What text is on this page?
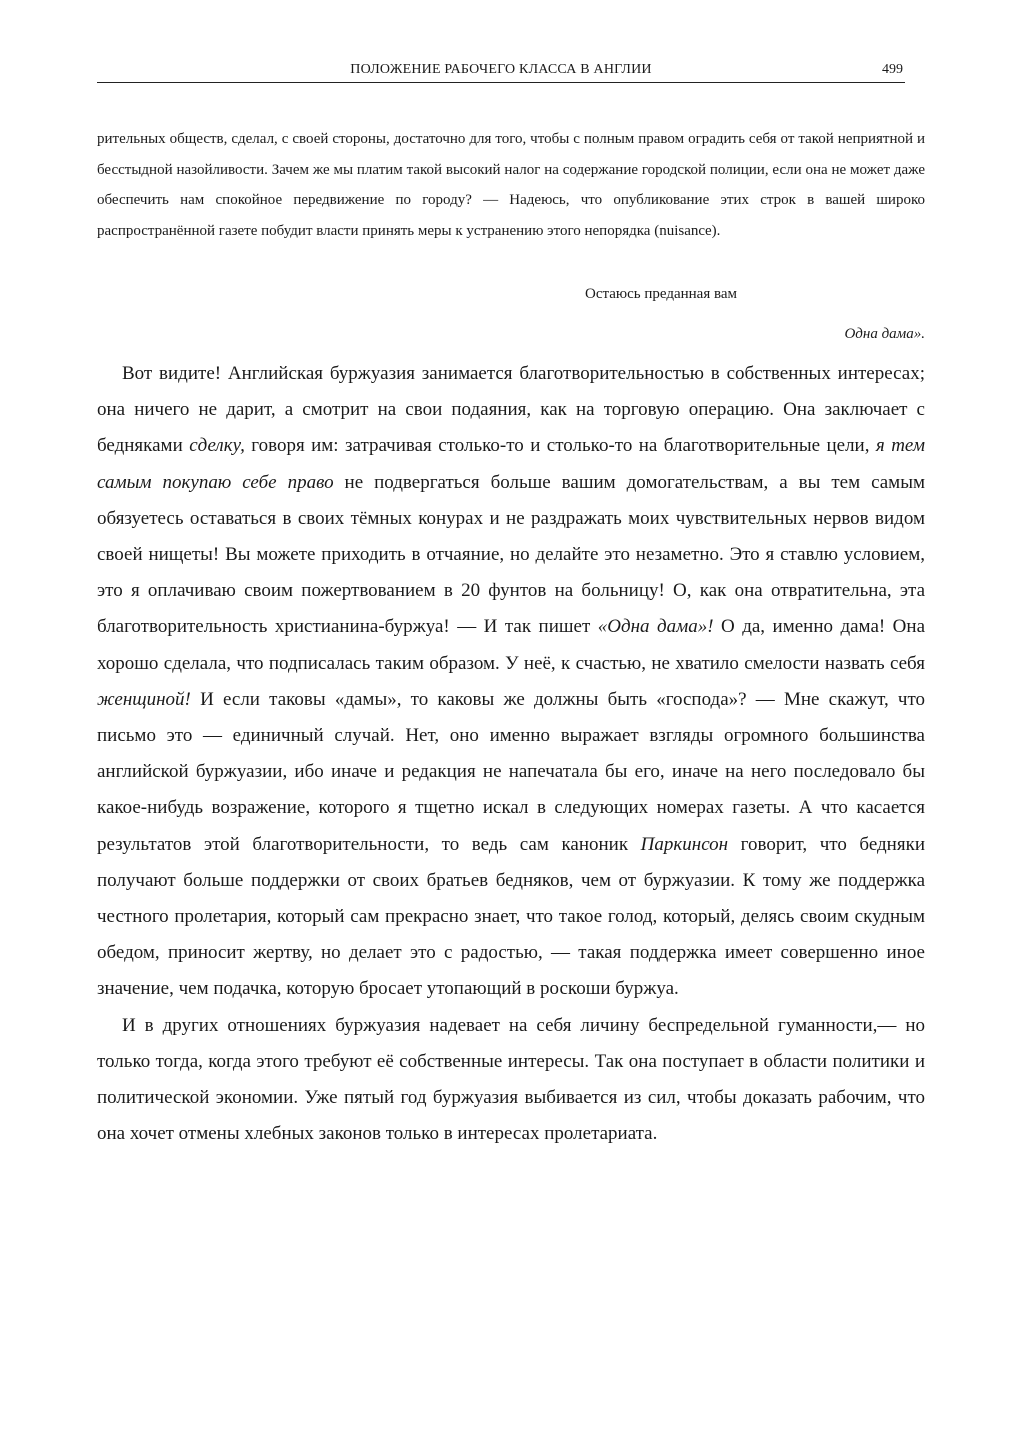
ПОЛОЖЕНИЕ РАБОЧЕГО КЛАССА В АНГЛИИ	499

рительных обществ, сделал, с своей стороны, достаточно для того, чтобы с полным правом оградить себя от такой неприятной и бесстыдной назойливости. Зачем же мы платим такой высокий налог на содержание городской полиции, если она не может даже обеспечить нам спокойное передвижение по городу? — Надеюсь, что опубликование этих строк в вашей широко распространённой газете побудит власти принять меры к устранению этого непорядка (nuisance).

Остаюсь преданная вам
Одна дама».

Вот видите! Английская буржуазия занимается благотворительностью в собственных интересах; она ничего не дарит, а смотрит на свои подаяния, как на торговую операцию. Она заключает с бедняками сделку, говоря им: затрачивая столько-то и столько-то на благотворительные цели, я тем самым покупаю себе право не подвергаться больше вашим домогательствам, а вы тем самым обязуетесь оставаться в своих тёмных конурах и не раздражать моих чувствительных нервов видом своей нищеты! Вы можете приходить в отчаяние, но делайте это незаметно. Это я ставлю условием, это я оплачиваю своим пожертвованием в 20 фунтов на больницу! О, как она отвратительна, эта благотворительность христианина-буржуа! — И так пишет «Одна дама»! О да, именно дама! Она хорошо сделала, что подписалась таким образом. У неё, к счастью, не хватило смелости назвать себя женщиной! И если таковы «дамы», то каковы же должны быть «господа»? — Мне скажут, что письмо это — единичный случай. Нет, оно именно выражает взгляды огромного большинства английской буржуазии, ибо иначе и редакция не напечатала бы его, иначе на него последовало бы какое-нибудь возражение, которого я тщетно искал в следующих номерах газеты. А что касается результатов этой благотворительности, то ведь сам каноник Паркинсон говорит, что бедняки получают больше поддержки от своих братьев бедняков, чем от буржуазии. К тому же поддержка честного пролетария, который сам прекрасно знает, что такое голод, который, делясь своим скудным обедом, приносит жертву, но делает это с радостью, — такая поддержка имеет совершенно иное значение, чем подачка, которую бросает утопающий в роскоши буржуа.

И в других отношениях буржуазия надевает на себя личину беспредельной гуманности,— но только тогда, когда этого требуют её собственные интересы. Так она поступает в области политики и политической экономии. Уже пятый год буржуазия выбивается из сил, чтобы доказать рабочим, что она хочет отмены хлебных законов только в интересах пролетариата.
